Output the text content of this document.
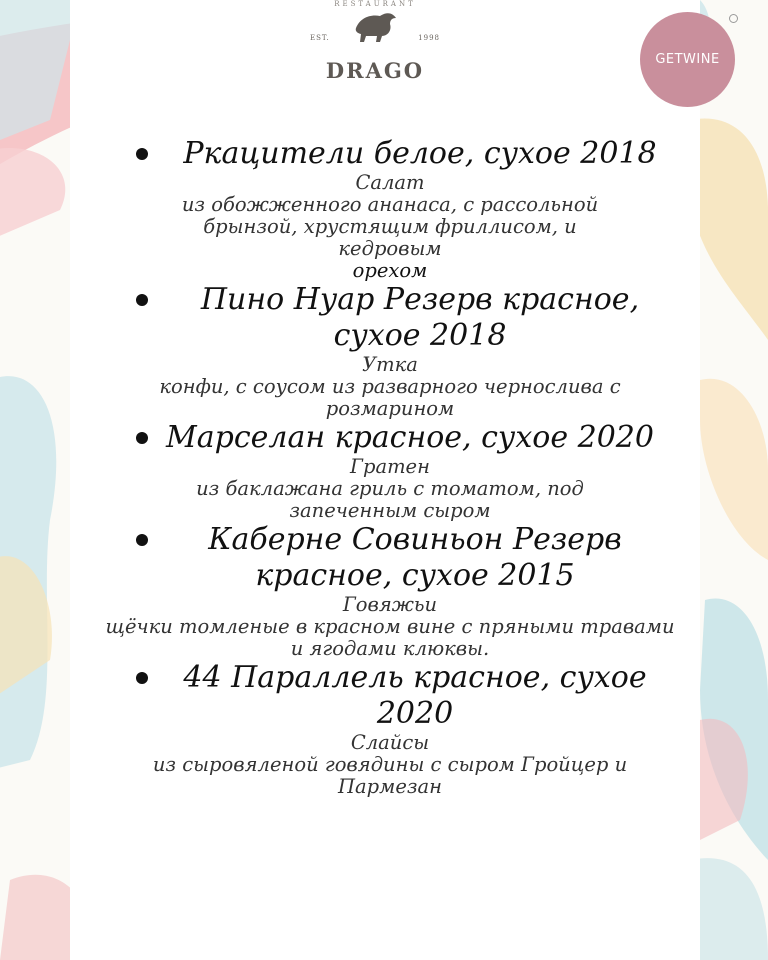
RESTAURANT
EST.	1998
DRAGO	GETWINE
Ркацители белое, сухое 2018
Салат
из обожженного ананаса, с рассольной брынзой, хрустящим фриллисом, и кедровым
орехом
Пино Нуар Резерв красное, сухое 2018
Утка
конфи, с соусом из разварного чернослива с розмарином
Марселан красное, сухое 2020
Гратен
из баклажана гриль с томатом, под запеченным сыром
Каберне Совиньон Резерв красное, сухое 2015
Говяжьи
щёчки томленые в красном вине с пряными травами и ягодами клюквы.
44 Параллель красное, сухое 2020
Слайсы
из сыровяленой говядины с сыром Гройцер и Пармезан
